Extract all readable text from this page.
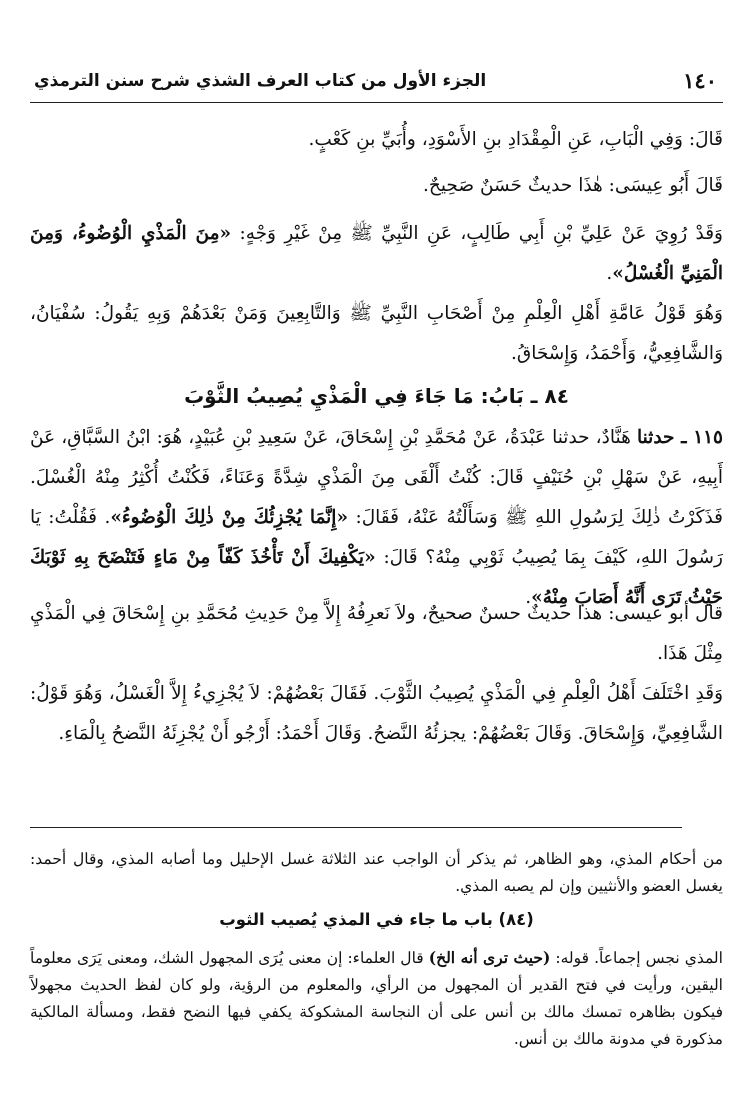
١٤٠
الجزء الأول من كتاب العرف الشذي شرح سنن الترمذي
قَالَ: وَفِي الْبَابِ، عَنِ الْمِقْدَادِ بنِ الأَسْوَدِ، وأُبَيِّ بنِ كَعْبٍ.
قَالَ أَبُو عِيسَى: هٰذَا حديثٌ حَسَنٌ صَحِيحٌ.
وَقَدْ رُوِيَ عَنْ عَلِيِّ بْنِ أَبِي طَالِبٍ، عَنِ النَّبِيِّ ﷺ مِنْ غَيْرِ وَجْهٍ: «مِنَ الْمَذْيِ الْوُضُوءُ، وَمِنَ الْمَنِيِّ الْغُسْلُ».
وَهُوَ قَوْلُ عَامَّةِ أَهْلِ الْعِلْمِ مِنْ أَصْحَابِ النَّبِيِّ ﷺ وَالتَّابِعِينَ وَمَنْ بَعْدَهُمْ وَبِهِ يَقُولُ: سُفْيَانُ، وَالشَّافِعِيُّ، وَأَحْمَدُ، وَإِسْحَاقُ.
٨٤ ـ بَابُ: مَا جَاءَ فِي الْمَذْيِ يُصِيبُ الثَّوْبَ
١١٥ ـ حدثنا هَنَّادٌ، حدثنا عَبْدَةُ، عَنْ مُحَمَّدِ بْنِ إِسْحَاقَ، عَنْ سَعِيدِ بْنِ عُبَيْدٍ، هُوَ: ابْنُ السَّبَّاقِ، عَنْ أَبِيهِ، عَنْ سَهْلِ بْنِ حُنَيْفٍ قَالَ: كُنْتُ أَلْقَى مِنَ الْمَذْيِ شِدَّةً وَعَنَاءً، فَكُنْتُ أُكْثِرُ مِنْهُ الْغُسْلَ. فَذَكَرْتُ ذٰلِكَ لِرَسُولِ اللهِ ﷺ وَسَأَلْتُهُ عَنْهُ، فَقَالَ: «إِنَّمَا يُجْزِئُكَ مِنْ ذٰلِكَ الْوُضُوءُ». فَقُلْتُ: يَا رَسُولَ اللهِ، كَيْفَ بِمَا يُصِيبُ ثَوْبِي مِنْهُ؟ قَالَ: «يَكْفِيكَ أَنْ تَأْخُذَ كَفّاً مِنْ مَاءٍ فَتَنْضَحَ بِهِ ثَوْبَكَ حَيْثُ تَرَى أَنَّهُ أَصَابَ مِنْهُ».
قال أبو عيسى: هذا حديثٌ حسنٌ صحيحٌ، ولاَ نَعرِفُهُ إِلاَّ مِنْ حَدِيثِ مُحَمَّدِ بنِ إِسْحَاقَ فِي الْمَذْيِ مِثْلَ هَذَا.
وَقَدِ اخْتَلَفَ أَهْلُ الْعِلْمِ فِي الْمَذْيِ يُصِيبُ الثَّوْبَ. فَقَالَ بَعْضُهُمْ: لاَ يُجْزِيءُ إِلاَّ الْغَسْلُ، وَهُوَ قَوْلُ: الشَّافِعِيِّ، وَإِسْحَاقَ. وَقَالَ بَعْضُهُمْ: يجزئُهُ النَّضحُ. وَقَالَ أَحْمَدُ: أَرْجُو أَنْ يُجْزِئَهُ النَّضحُ بِالْمَاءِ.
من أحكام المذي، وهو الظاهر، ثم يذكر أن الواجب عند الثلاثة غسل الإحليل وما أصابه المذي، وقال أحمد: يغسل العضو والأنثيين وإن لم يصبه المذي.
(٨٤) باب ما جاء في المذي يُصيب الثوب
المذي نجس إجماعاً. قوله: (حيث ترى أنه الخ) قال العلماء: إن معنى يُرَى المجهول الشك، ومعنى يَرَى معلوماً اليقين، ورأيت في فتح القدير أن المجهول من الرأي، والمعلوم من الرؤية، ولو كان لفظ الحديث مجهولاً فيكون بظاهره تمسك مالك بن أنس على أن النجاسة المشكوكة يكفي فيها النضح فقط، ومسألة المالكية مذكورة في مدونة مالك بن أنس.
